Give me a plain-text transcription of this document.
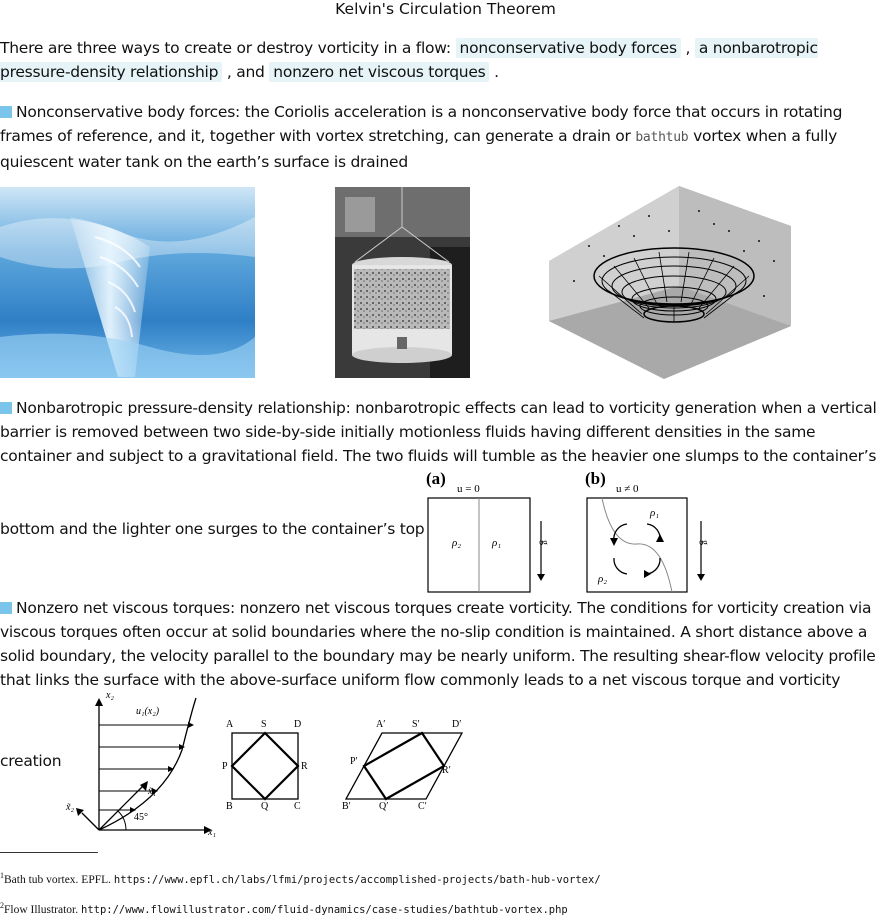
Kelvin's Circulation Theorem
There are three ways to create or destroy vorticity in a flow: nonconservative body forces , a nonbarotropic pressure-density relationship , and nonzero net viscous torques .
Nonconservative body forces: the Coriolis acceleration is a nonconservative body force that occurs in rotating frames of reference, and it, together with vortex stretching, can generate a drain or bathtub vortex when a fully quiescent water tank on the earth’s surface is drained
Nonbarotropic pressure-density relationship: nonbarotropic effects can lead to vorticity generation when a vertical barrier is removed between two side-by-side initially motionless fluids having different densities in the same container and subject to a gravitational field. The two fluids will tumble as the heavier one slumps to the container’s
bottom and the lighter one surges to the container’s top
(a)
u = 0
ρ₂	ρ₁	g
(b)
u ≠ 0
ρ₁
ρ₂
g
Nonzero net viscous torques: nonzero net viscous torques create vorticity. The conditions for vorticity creation via viscous torques often occur at solid boundaries where the no-slip condition is maintained. A short distance above a solid boundary, the velocity parallel to the boundary may be nearly uniform. The resulting shear-flow velocity profile that links the surface with the above-surface uniform flow commonly leads to a net viscous torque and vorticity
creation
x₂
x₁
u₁(x₂)
x̃₁
x̃₂
45°
A	S	D
P	R
B	Q	C
A′	S′	D′
P′
R′
B′	Q′	C′
$^1$Bath tub vortex. EPFL. https://www.epfl.ch/labs/lfmi/projects/accomplished-projects/bath-hub-vortex/
$^2$Flow Illustrator. http://www.flowillustrator.com/fluid-dynamics/case-studies/bathtub-vortex.php
